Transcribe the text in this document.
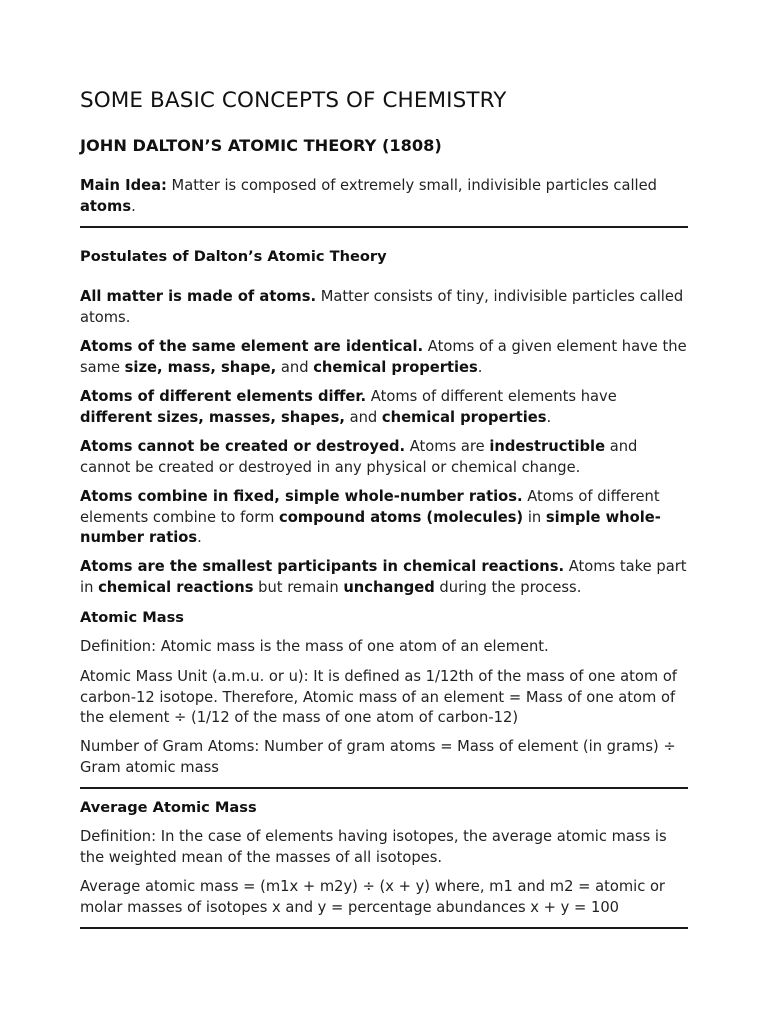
SOME BASIC CONCEPTS OF CHEMISTRY
JOHN DALTON’S ATOMIC THEORY (1808)

Main Idea: Matter is composed of extremely small, indivisible particles called atoms.

Postulates of Dalton’s Atomic Theory

All matter is made of atoms. Matter consists of tiny, indivisible particles called atoms.

Atoms of the same element are identical. Atoms of a given element have the same size, mass, shape, and chemical properties.

Atoms of different elements differ. Atoms of different elements have different sizes, masses, shapes, and chemical properties.

Atoms cannot be created or destroyed. Atoms are indestructible and cannot be created or destroyed in any physical or chemical change.

Atoms combine in fixed, simple whole-number ratios. Atoms of different elements combine to form compound atoms (molecules) in simple whole-number ratios.

Atoms are the smallest participants in chemical reactions. Atoms take part in chemical reactions but remain unchanged during the process.

Atomic Mass

Definition: Atomic mass is the mass of one atom of an element.

Atomic Mass Unit (a.m.u. or u): It is defined as 1/12th of the mass of one atom of carbon-12 isotope. Therefore, Atomic mass of an element = Mass of one atom of the element ÷ (1/12 of the mass of one atom of carbon-12)

Number of Gram Atoms: Number of gram atoms = Mass of element (in grams) ÷ Gram atomic mass

Average Atomic Mass

Definition: In the case of elements having isotopes, the average atomic mass is the weighted mean of the masses of all isotopes.

Average atomic mass = (m1x + m2y) ÷ (x + y) where, m1 and m2 = atomic or molar masses of isotopes x and y = percentage abundances x + y = 100
